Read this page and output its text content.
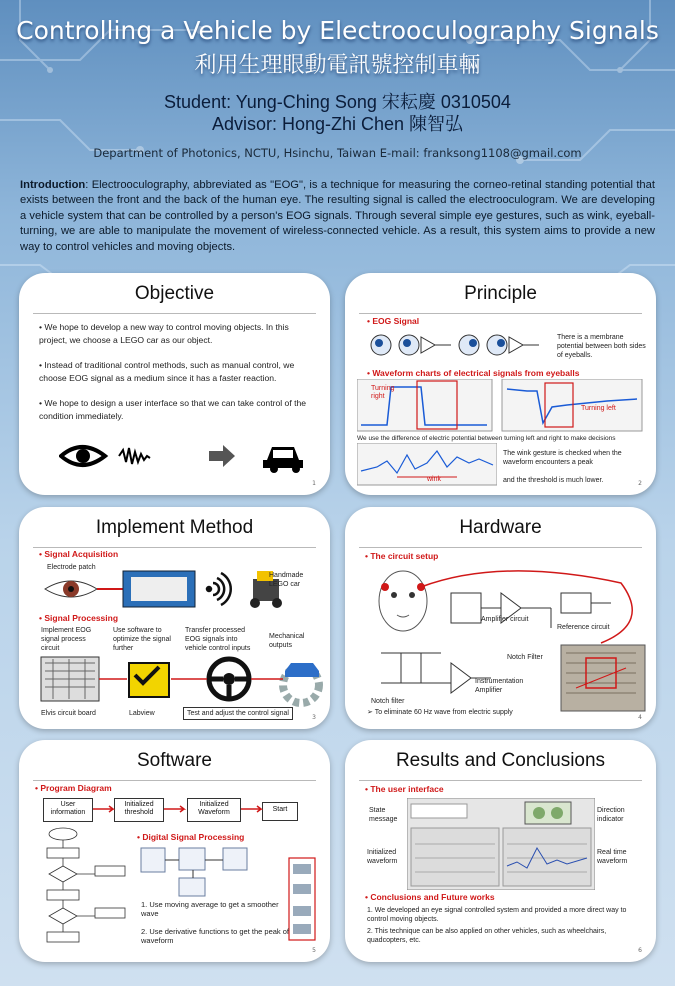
Controlling a Vehicle by Electrooculography Signals
利用生理眼動電訊號控制車輛
Student: Yung-Ching Song 宋耘慶 0310504
Advisor: Hong-Zhi Chen 陳智弘
Department of Photonics, NCTU, Hsinchu, Taiwan E-mail: franksong1108@gmail.com
Introduction: Electrooculography, abbreviated as "EOG", is a technique for measuring the corneo-retinal standing potential that exists between the front and the back of the human eye. The resulting signal is called the electrooculogram. We are developing a vehicle system that can be controlled by a person's EOG signals. Through several simple eye gestures, such as wink, eyeball-turning, we are able to manipulate the movement of wireless-connected vehicle. As a result, this system aims to provide a new way to control vehicles and moving objects.
Objective
• We hope to develop a new way to control moving objects. In this project, we choose a LEGO car as our object.
• Instead of traditional control methods, such as manual control, we choose EOG signal as a medium since it has a faster reaction.
• We hope to design a user interface so that we can take control of the condition immediately.
1
Principle
• EOG Signal
There is a membrane potential between both sides of eyeballs.
• Waveform charts of electrical signals from eyeballs
Turning right
Turning left
We use the difference of electric potential between turning left and right to make decisions
wink
The wink gesture is checked when the waveform encounters a peak
and the threshold is much lower.	2
Implement Method
• Signal Acquisition
Electrode patch
Handmade LEGO car
• Signal Processing
Implement EOG signal process circuit
Use software to optimize the signal further
Transfer processed EOG signals into vehicle control inputs
Mechanical outputs
Elvis circuit board	Labview	Test and adjust the control signal
3
Hardware
• The circuit setup
Amplifier circuit
Reference circuit
Notch Filter
Instrumentation Amplifier
Notch filter
➢ To eliminate 60 Hz wave from electric supply
4
Software
• Program Diagram
User information
Initialized threshold
Initialized Waveform	Start
• Digital Signal Processing
1. Use moving average to get a smoother wave
2. Use derivative functions to get the peak of waveform
5
Results and Conclusions
• The user interface
State message
Direction indicator
Initialized waveform
Real time waveform
• Conclusions and Future works
1. We developed an eye signal controlled system and provided a more direct way to control moving objects.
2. This technique can be also applied on other vehicles, such as wheelchairs, quadcopters, etc.
6
